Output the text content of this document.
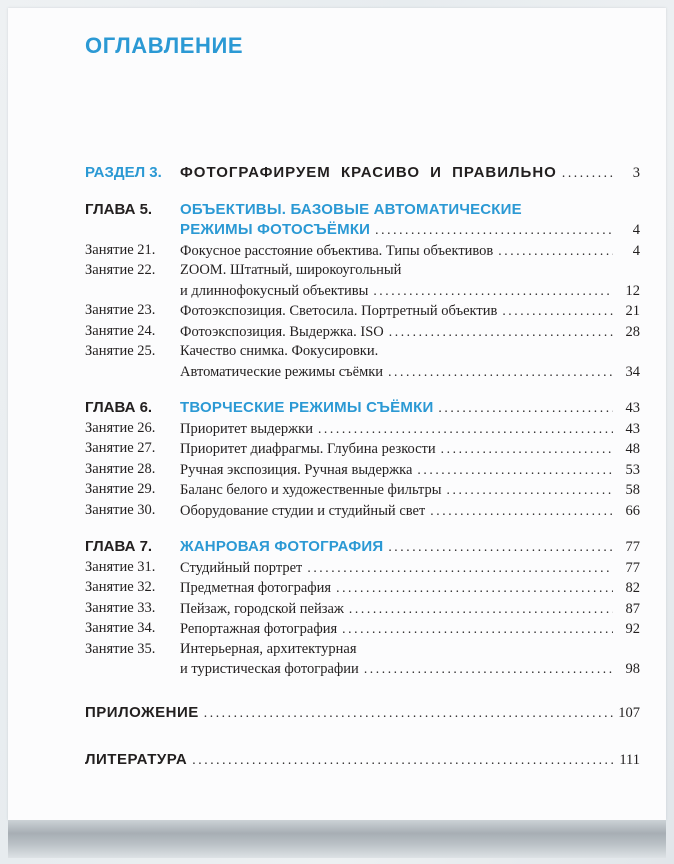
ОГЛАВЛЕНИЕ
РАЗДЕЛ 3.	ФОТОГРАФИРУЕМ КРАСИВО И ПРАВИЛЬНО .....	3
ГЛАВА 5.	ОБЪЕКТИВЫ. БАЗОВЫЕ АВТОМАТИЧЕСКИЕ
РЕЖИМЫ ФОТОСЪЁМКИ .....	4
Занятие 21.	Фокусное расстояние объектива. Типы объективов .....	4
Занятие 22.	ZOOM. Штатный, широкоугольный
и длиннофокусный объективы .....	12
Занятие 23.	Фотоэкспозиция. Светосила. Портретный объектив .....	21
Занятие 24.	Фотоэкспозиция. Выдержка. ISO .....	28
Занятие 25.	Качество снимка. Фокусировки.
Автоматические режимы съёмки .....	34
ГЛАВА 6.	ТВОРЧЕСКИЕ РЕЖИМЫ СЪЁМКИ .....	43
Занятие 26.	Приоритет выдержки .....	43
Занятие 27.	Приоритет диафрагмы. Глубина резкости .....	48
Занятие 28.	Ручная экспозиция. Ручная выдержка .....	53
Занятие 29.	Баланс белого и художественные фильтры .....	58
Занятие 30.	Оборудование студии и студийный свет .....	66
ГЛАВА 7.	ЖАНРОВАЯ ФОТОГРАФИЯ .....	77
Занятие 31.	Студийный портрет .....	77
Занятие 32.	Предметная фотография .....	82
Занятие 33.	Пейзаж, городской пейзаж .....	87
Занятие 34.	Репортажная фотография .....	92
Занятие 35.	Интерьерная, архитектурная
и туристическая фотографии .....	98
ПРИЛОЖЕНИЕ .....	107
ЛИТЕРАТУРА .....	111
